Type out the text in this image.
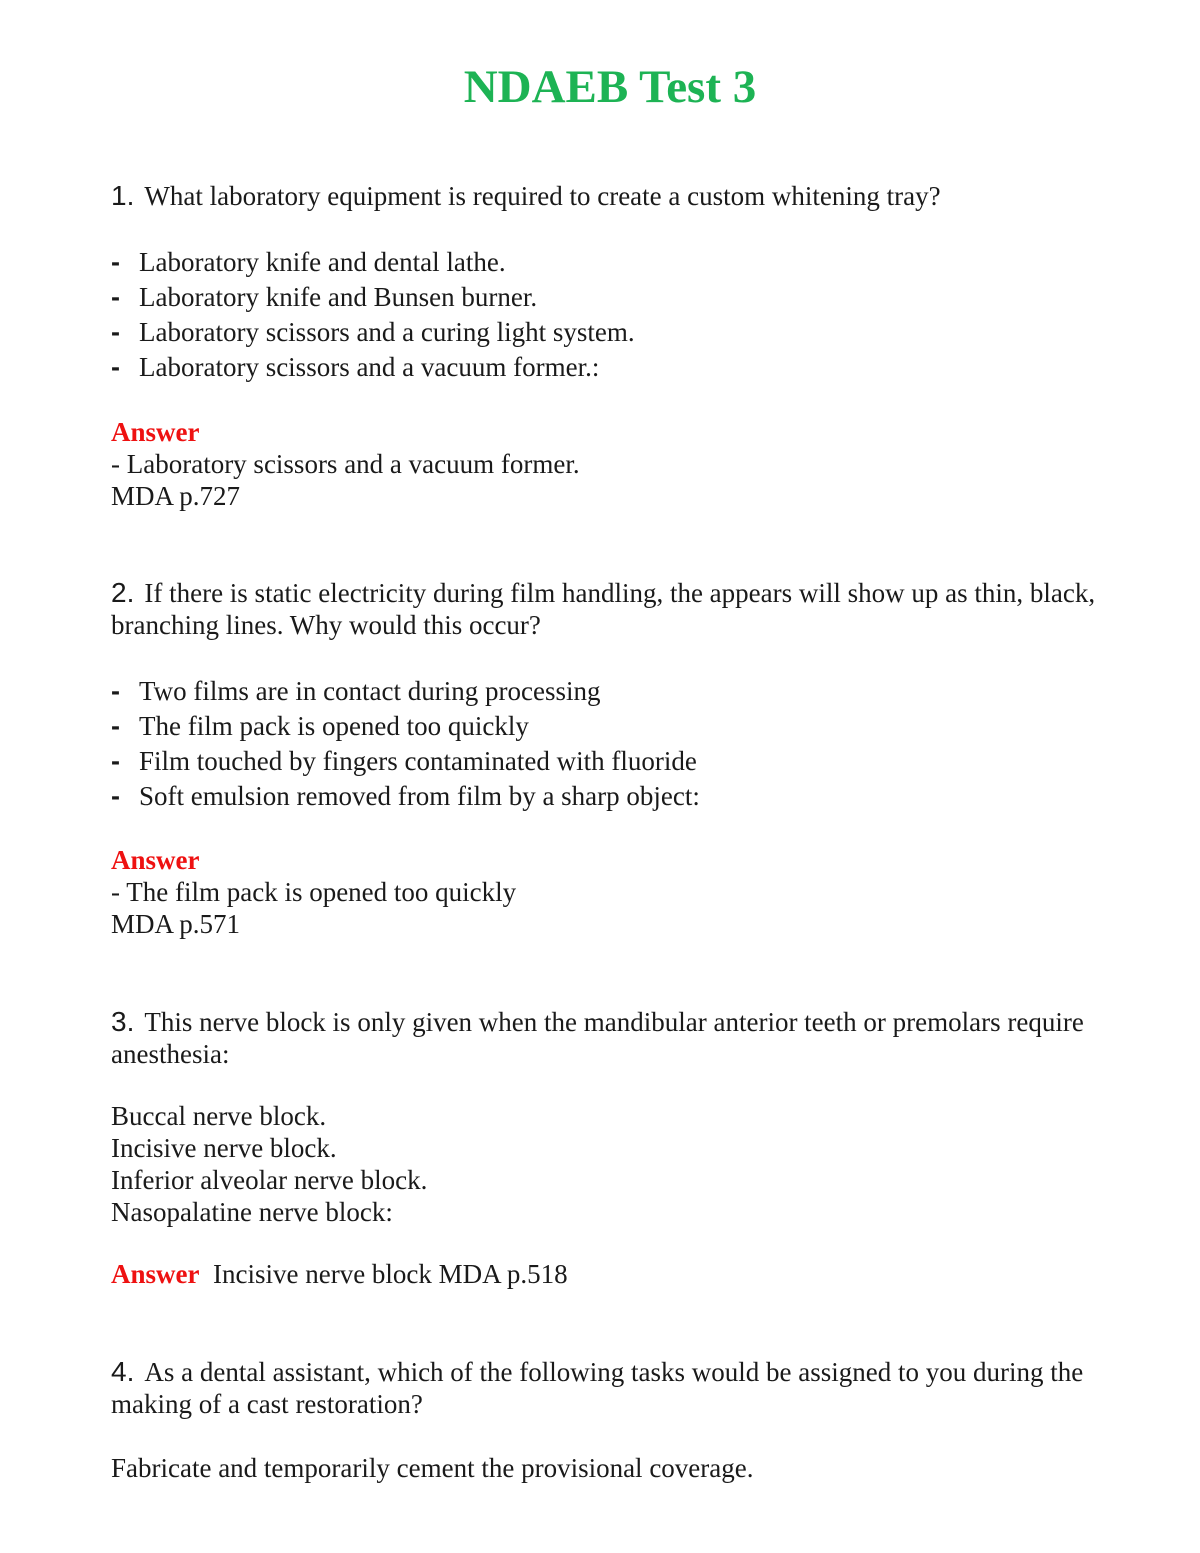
NDAEB Test 3

1. What laboratory equipment is required to create a custom whitening tray?

- Laboratory knife and dental lathe.
- Laboratory knife and Bunsen burner.
- Laboratory scissors and a curing light system.
- Laboratory scissors and a vacuum former.:
Answer
- Laboratory scissors and a vacuum former.
MDA p.727

2. If there is static electricity during film handling, the appears will show up as thin, black, branching lines. Why would this occur?

- Two films are in contact during processing
- The film pack is opened too quickly
- Film touched by fingers contaminated with fluoride
- Soft emulsion removed from film by a sharp object:
Answer
- The film pack is opened too quickly
MDA p.571

3. This nerve block is only given when the mandibular anterior teeth or premolars require anesthesia:

Buccal nerve block.
Incisive nerve block.
Inferior alveolar nerve block.
Nasopalatine nerve block:
Answer Incisive nerve block MDA p.518

4. As a dental assistant, which of the following tasks would be assigned to you during the making of a cast restoration?

Fabricate and temporarily cement the provisional coverage.
